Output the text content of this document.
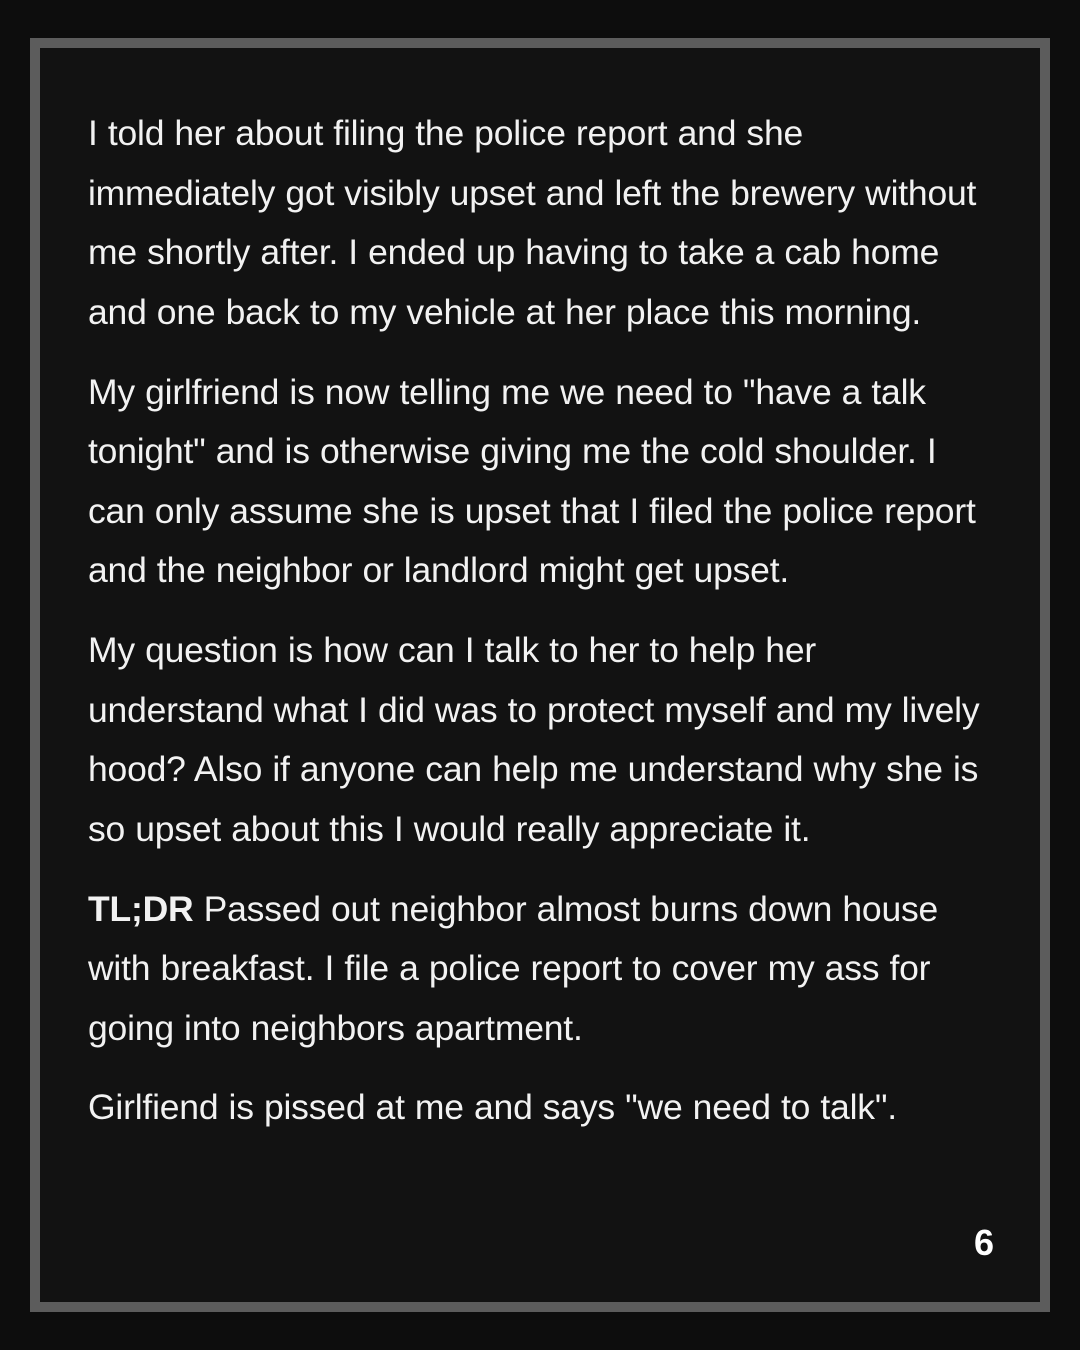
I told her about filing the police report and she immediately got visibly upset and left the brewery without me shortly after. I ended up having to take a cab home and one back to my vehicle at her place this morning.

My girlfriend is now telling me we need to "have a talk tonight" and is otherwise giving me the cold shoulder. I can only assume she is upset that I filed the police report and the neighbor or landlord might get upset.

My question is how can I talk to her to help her understand what I did was to protect myself and my lively hood? Also if anyone can help me understand why she is so upset about this I would really appreciate it.

TL;DR Passed out neighbor almost burns down house with breakfast. I file a police report to cover my ass for going into neighbors apartment.

Girlfiend is pissed at me and says "we need to talk".

6
